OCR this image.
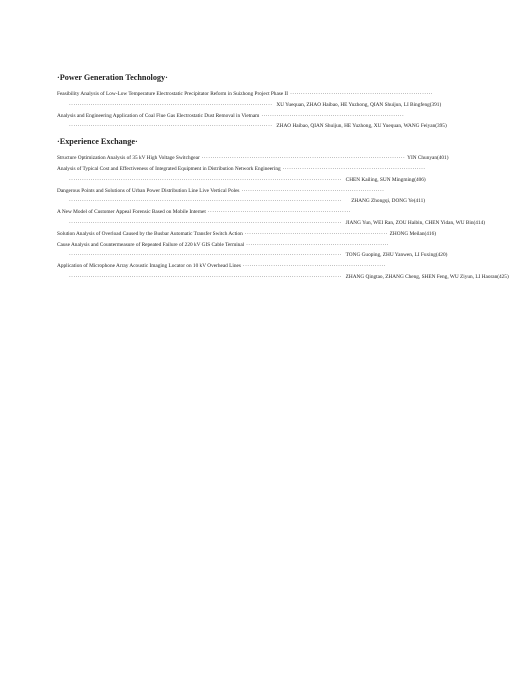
·Power Generation Technology·
Feasibility Analysis of Low-Low Temperature Electrostatic Precipitator Reform in Suizhong Project Phase II ··································································
······························································································ XU Yuequan, ZHAO Haibao, HE Yuzhong, QIAN Shuijun, LI Bingfeng(391)
Analysis and Engineering Application of Coal Flue Gas Electrostatic Dust Removal in Vietnam ··································································
······························································································ ZHAO Haibao, QIAN Shuijun, HE Yuzhong, XU Yuequan, WANG Feiyan(395)
·Experience Exchange·
Structure Optimization Analysis of 35 kV High Voltage Switchgear ······························································································ YIN Chunyan(401)
Analysis of Typical Cost and Effectiveness of Integrated Equipment in Distribution Network Engineering ··································································
······························································································································ CHEN Kailing, SUN Mingming(406)
Dangerous Points and Solutions of Urban Power Distribution Line Live Vertical Poles ··································································
······························································································································	ZHANG Zhongqi, DONG Ye(411)
A New Model of Customer Appeal Forensic Based on Mobile Internet ··································································
······························································································································ JIANG Yun, WEI Ran, ZOU Haibin, CHEN Yidan, WU Bin(414)
Solution Analysis of Overload Caused by the Busbar Automatic Transfer Switch Action ·································································· ZHONG Meilan(416)
Cause Analysis and Countermeasure of Repeated Failure of 220 kV GIS Cable Terminal ··································································
······························································································································ TONG Guoping, ZHU Yanwen, LI Fuxing(420)
Application of Microphone Array Acoustic Imaging Locator on 10 kV Overhead Lines ··································································
······························································································································ ZHANG Qingtao, ZHANG Cheng, SHEN Feng, WU Ziyun, LI Haoran(425)
